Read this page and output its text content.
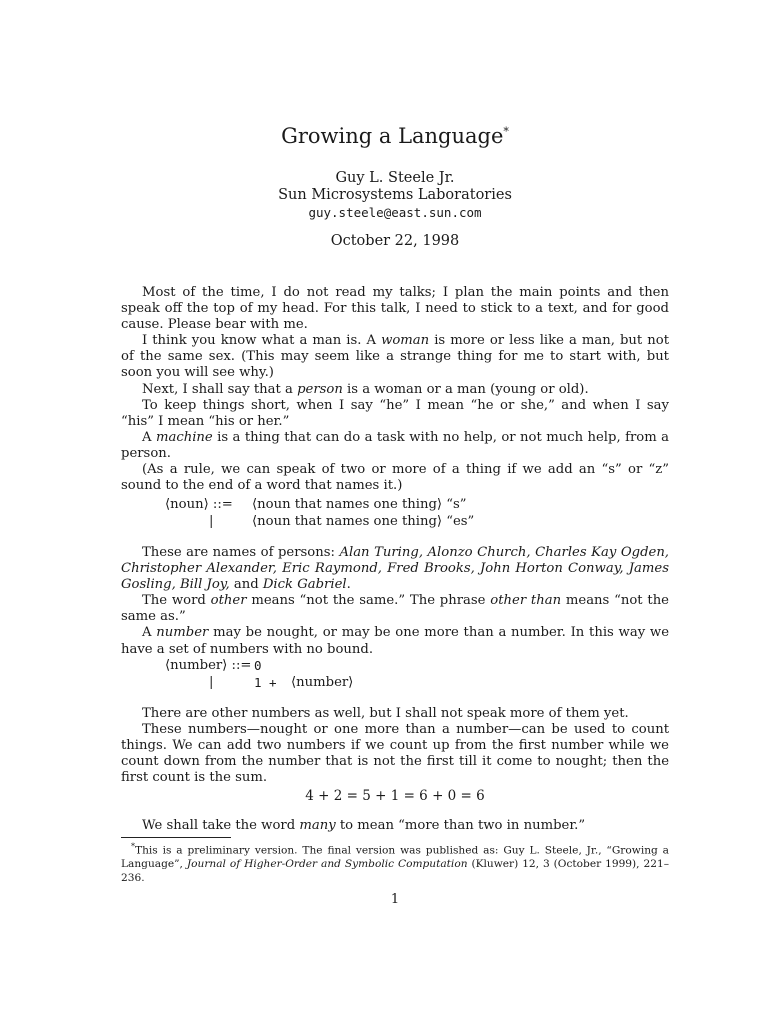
Growing a Language*
Guy L. Steele Jr.
Sun Microsystems Laboratories
guy.steele@east.sun.com
October 22, 1998

Most of the time, I do not read my talks; I plan the main points and then speak off the top of my head. For this talk, I need to stick to a text, and for good cause. Please bear with me.

I think you know what a man is. A woman is more or less like a man, but not of the same sex. (This may seem like a strange thing for me to start with, but soon you will see why.)

Next, I shall say that a person is a woman or a man (young or old).

To keep things short, when I say “he” I mean “he or she,” and when I say “his” I mean “his or her.”

A machine is a thing that can do a task with no help, or not much help, from a person.

(As a rule, we can speak of two or more of a thing if we add an “s” or “z” sound to the end of a word that names it.)

⟨noun⟩ ::= ⟨noun that names one thing⟩ “s”
|	⟨noun that names one thing⟩ “es”

These are names of persons: Alan Turing, Alonzo Church, Charles Kay Ogden, Christopher Alexander, Eric Raymond, Fred Brooks, John Horton Conway, James Gosling, Bill Joy, and Dick Gabriel.

The word other means “not the same.” The phrase other than means “not the same as.”

A number may be nought, or may be one more than a number. In this way we have a set of numbers with no bound.

⟨number⟩ ::= 0
|	1 + ⟨number⟩

There are other numbers as well, but I shall not speak more of them yet.

These numbers—nought or one more than a number—can be used to count things. We can add two numbers if we count up from the first number while we count down from the number that is not the first till it come to nought; then the first count is the sum.

4 + 2 = 5 + 1 = 6 + 0 = 6

We shall take the word many to mean “more than two in number.”

*This is a preliminary version. The final version was published as: Guy L. Steele, Jr., “Growing a Language”, Journal of Higher-Order and Symbolic Computation (Kluwer) 12, 3 (October 1999), 221–236.
1
